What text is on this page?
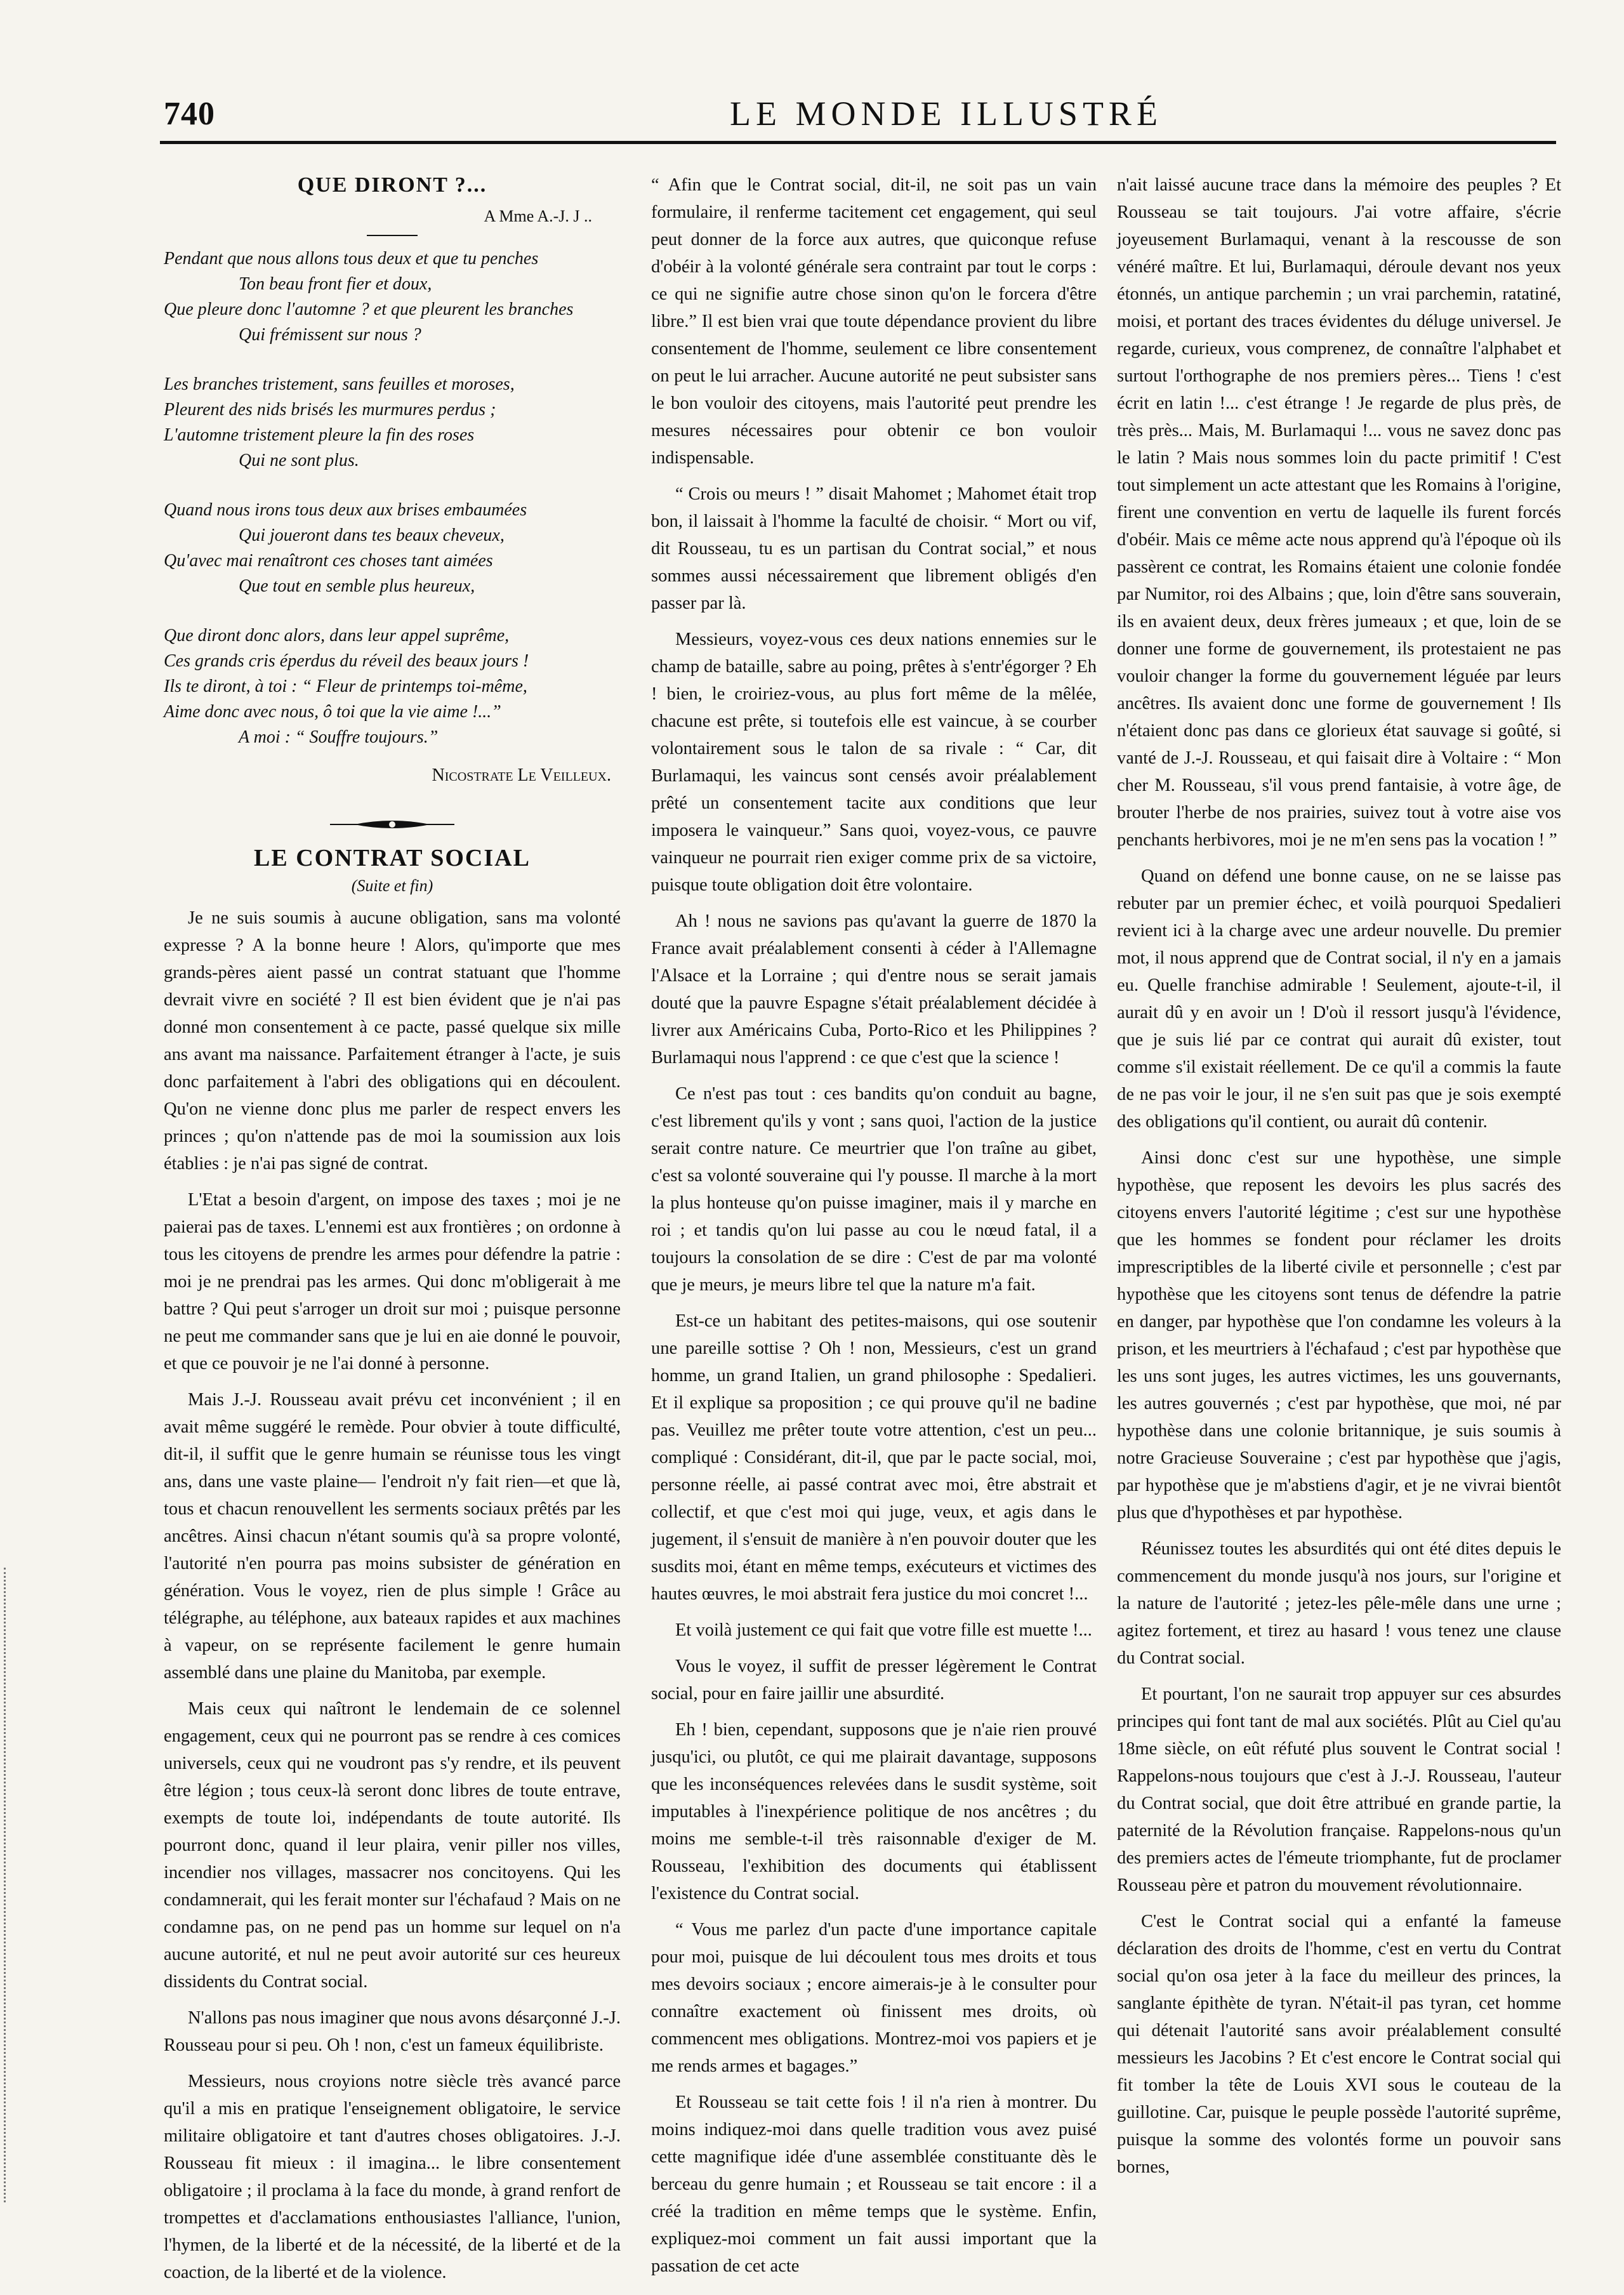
740	LE MONDE ILLUSTRÉ
QUE DIRONT ?...
A Mme A.-J. J ..
Pendant que nous allons tous deux et que tu penches
Ton beau front fier et doux,
Que pleure donc l'automne ? et que pleurent les branches
Qui frémissent sur nous ?
Les branches tristement, sans feuilles et moroses,
Pleurent des nids brisés les murmures perdus ;
L'automne tristement pleure la fin des roses
Qui ne sont plus.
Quand nous irons tous deux aux brises embaumées
Qui joueront dans tes beaux cheveux,
Qu'avec mai renaîtront ces choses tant aimées
Que tout en semble plus heureux,
Que diront donc alors, dans leur appel suprême,
Ces grands cris éperdus du réveil des beaux jours !
Ils te diront, à toi : “ Fleur de printemps toi-même,
Aime donc avec nous, ô toi que la vie aime !...”
A moi : “ Souffre toujours.”
Nicostrate Le Veilleux.
LE CONTRAT SOCIAL
(Suite et fin)

Je ne suis soumis à aucune obligation, sans ma volonté expresse ? A la bonne heure ! Alors, qu'importe que mes grands-pères aient passé un contrat statuant que l'homme devrait vivre en société ? Il est bien évident que je n'ai pas donné mon consentement à ce pacte, passé quelque six mille ans avant ma naissance. Parfaitement étranger à l'acte, je suis donc parfaitement à l'abri des obligations qui en découlent. Qu'on ne vienne donc plus me parler de respect envers les princes ; qu'on n'attende pas de moi la soumission aux lois établies : je n'ai pas signé de contrat.

L'Etat a besoin d'argent, on impose des taxes ; moi je ne paierai pas de taxes. L'ennemi est aux frontières ; on ordonne à tous les citoyens de prendre les armes pour défendre la patrie : moi je ne prendrai pas les armes. Qui donc m'obligerait à me battre ? Qui peut s'arroger un droit sur moi ; puisque personne ne peut me commander sans que je lui en aie donné le pouvoir, et que ce pouvoir je ne l'ai donné à personne.

Mais J.-J. Rousseau avait prévu cet inconvénient ; il en avait même suggéré le remède. Pour obvier à toute difficulté, dit-il, il suffit que le genre humain se réunisse tous les vingt ans, dans une vaste plaine— l'endroit n'y fait rien—et que là, tous et chacun renouvellent les serments sociaux prêtés par les ancêtres. Ainsi chacun n'étant soumis qu'à sa propre volonté, l'autorité n'en pourra pas moins subsister de génération en génération. Vous le voyez, rien de plus simple ! Grâce au télégraphe, au téléphone, aux bateaux rapides et aux machines à vapeur, on se représente facilement le genre humain assemblé dans une plaine du Manitoba, par exemple.

Mais ceux qui naîtront le lendemain de ce solennel engagement, ceux qui ne pourront pas se rendre à ces comices universels, ceux qui ne voudront pas s'y rendre, et ils peuvent être légion ; tous ceux-là seront donc libres de toute entrave, exempts de toute loi, indépendants de toute autorité. Ils pourront donc, quand il leur plaira, venir piller nos villes, incendier nos villages, massacrer nos concitoyens. Qui les condamnerait, qui les ferait monter sur l'échafaud ? Mais on ne condamne pas, on ne pend pas un homme sur lequel on n'a aucune autorité, et nul ne peut avoir autorité sur ces heureux dissidents du Contrat social.

N'allons pas nous imaginer que nous avons désarçonné J.-J. Rousseau pour si peu. Oh ! non, c'est un fameux équilibriste.

Messieurs, nous croyions notre siècle très avancé parce qu'il a mis en pratique l'enseignement obligatoire, le service militaire obligatoire et tant d'autres choses obligatoires. J.-J. Rousseau fit mieux : il imagina... le libre consentement obligatoire ; il proclama à la face du monde, à grand renfort de trompettes et d'acclamations enthousiastes l'alliance, l'union, l'hymen, de la liberté et de la nécessité, de la liberté et de la coaction, de la liberté et de la violence.

“ Afin que le Contrat social, dit-il, ne soit pas un vain formulaire, il renferme tacitement cet engagement, qui seul peut donner de la force aux autres, que quiconque refuse d'obéir à la volonté générale sera contraint par tout le corps : ce qui ne signifie autre chose sinon qu'on le forcera d'être libre.” Il est bien vrai que toute dépendance provient du libre consentement de l'homme, seulement ce libre consentement on peut le lui arracher. Aucune autorité ne peut subsister sans le bon vouloir des citoyens, mais l'autorité peut prendre les mesures nécessaires pour obtenir ce bon vouloir indispensable.

“ Crois ou meurs ! ” disait Mahomet ; Mahomet était trop bon, il laissait à l'homme la faculté de choisir. “ Mort ou vif, dit Rousseau, tu es un partisan du Contrat social,” et nous sommes aussi nécessairement que librement obligés d'en passer par là.

Messieurs, voyez-vous ces deux nations ennemies sur le champ de bataille, sabre au poing, prêtes à s'entr'égorger ? Eh ! bien, le croiriez-vous, au plus fort même de la mêlée, chacune est prête, si toutefois elle est vaincue, à se courber volontairement sous le talon de sa rivale : “ Car, dit Burlamaqui, les vaincus sont censés avoir préalablement prêté un consentement tacite aux conditions que leur imposera le vainqueur.” Sans quoi, voyez-vous, ce pauvre vainqueur ne pourrait rien exiger comme prix de sa victoire, puisque toute obligation doit être volontaire.

Ah ! nous ne savions pas qu'avant la guerre de 1870 la France avait préalablement consenti à céder à l'Allemagne l'Alsace et la Lorraine ; qui d'entre nous se serait jamais douté que la pauvre Espagne s'était préalablement décidée à livrer aux Américains Cuba, Porto-Rico et les Philippines ? Burlamaqui nous l'apprend : ce que c'est que la science !

Ce n'est pas tout : ces bandits qu'on conduit au bagne, c'est librement qu'ils y vont ; sans quoi, l'action de la justice serait contre nature. Ce meurtrier que l'on traîne au gibet, c'est sa volonté souveraine qui l'y pousse. Il marche à la mort la plus honteuse qu'on puisse imaginer, mais il y marche en roi ; et tandis qu'on lui passe au cou le nœud fatal, il a toujours la consolation de se dire : C'est de par ma volonté que je meurs, je meurs libre tel que la nature m'a fait.

Est-ce un habitant des petites-maisons, qui ose soutenir une pareille sottise ? Oh ! non, Messieurs, c'est un grand homme, un grand Italien, un grand philosophe : Spedalieri. Et il explique sa proposition ; ce qui prouve qu'il ne badine pas. Veuillez me prêter toute votre attention, c'est un peu... compliqué : Considérant, dit-il, que par le pacte social, moi, personne réelle, ai passé contrat avec moi, être abstrait et collectif, et que c'est moi qui juge, veux, et agis dans le jugement, il s'ensuit de manière à n'en pouvoir douter que les susdits moi, étant en même temps, exécuteurs et victimes des hautes œuvres, le moi abstrait fera justice du moi concret !...

Et voilà justement ce qui fait que votre fille est muette !...

Vous le voyez, il suffit de presser légèrement le Contrat social, pour en faire jaillir une absurdité.

Eh ! bien, cependant, supposons que je n'aie rien prouvé jusqu'ici, ou plutôt, ce qui me plairait davantage, supposons que les inconséquences relevées dans le susdit système, soit imputables à l'inexpérience politique de nos ancêtres ; du moins me semble-t-il très raisonnable d'exiger de M. Rousseau, l'exhibition des documents qui établissent l'existence du Contrat social.

“ Vous me parlez d'un pacte d'une importance capitale pour moi, puisque de lui découlent tous mes droits et tous mes devoirs sociaux ; encore aimerais-je à le consulter pour connaître exactement où finissent mes droits, où commencent mes obligations. Montrez-moi vos papiers et je me rends armes et bagages.”

Et Rousseau se tait cette fois ! il n'a rien à montrer. Du moins indiquez-moi dans quelle tradition vous avez puisé cette magnifique idée d'une assemblée constituante dès le berceau du genre humain ; et Rousseau se tait encore : il a créé la tradition en même temps que le système. Enfin, expliquez-moi comment un fait aussi important que la passation de cet acte

n'ait laissé aucune trace dans la mémoire des peuples ? Et Rousseau se tait toujours. J'ai votre affaire, s'écrie joyeusement Burlamaqui, venant à la rescousse de son vénéré maître. Et lui, Burlamaqui, déroule devant nos yeux étonnés, un antique parchemin ; un vrai parchemin, ratatiné, moisi, et portant des traces évidentes du déluge universel. Je regarde, curieux, vous comprenez, de connaître l'alphabet et surtout l'orthographe de nos premiers pères... Tiens ! c'est écrit en latin !... c'est étrange ! Je regarde de plus près, de très près... Mais, M. Burlamaqui !... vous ne savez donc pas le latin ? Mais nous sommes loin du pacte primitif ! C'est tout simplement un acte attestant que les Romains à l'origine, firent une convention en vertu de laquelle ils furent forcés d'obéir. Mais ce même acte nous apprend qu'à l'époque où ils passèrent ce contrat, les Romains étaient une colonie fondée par Numitor, roi des Albains ; que, loin d'être sans souverain, ils en avaient deux, deux frères jumeaux ; et que, loin de se donner une forme de gouvernement, ils protestaient ne pas vouloir changer la forme du gouvernement léguée par leurs ancêtres. Ils avaient donc une forme de gouvernement ! Ils n'étaient donc pas dans ce glorieux état sauvage si goûté, si vanté de J.-J. Rousseau, et qui faisait dire à Voltaire : “ Mon cher M. Rousseau, s'il vous prend fantaisie, à votre âge, de brouter l'herbe de nos prairies, suivez tout à votre aise vos penchants herbivores, moi je ne m'en sens pas la vocation ! ”

Quand on défend une bonne cause, on ne se laisse pas rebuter par un premier échec, et voilà pourquoi Spedalieri revient ici à la charge avec une ardeur nouvelle. Du premier mot, il nous apprend que de Contrat social, il n'y en a jamais eu. Quelle franchise admirable ! Seulement, ajoute-t-il, il aurait dû y en avoir un ! D'où il ressort jusqu'à l'évidence, que je suis lié par ce contrat qui aurait dû exister, tout comme s'il existait réellement. De ce qu'il a commis la faute de ne pas voir le jour, il ne s'en suit pas que je sois exempté des obligations qu'il contient, ou aurait dû contenir.

Ainsi donc c'est sur une hypothèse, une simple hypothèse, que reposent les devoirs les plus sacrés des citoyens envers l'autorité légitime ; c'est sur une hypothèse que les hommes se fondent pour réclamer les droits imprescriptibles de la liberté civile et personnelle ; c'est par hypothèse que les citoyens sont tenus de défendre la patrie en danger, par hypothèse que l'on condamne les voleurs à la prison, et les meurtriers à l'échafaud ; c'est par hypothèse que les uns sont juges, les autres victimes, les uns gouvernants, les autres gouvernés ; c'est par hypothèse, que moi, né par hypothèse dans une colonie britannique, je suis soumis à notre Gracieuse Souveraine ; c'est par hypothèse que j'agis, par hypothèse que je m'abstiens d'agir, et je ne vivrai bientôt plus que d'hypothèses et par hypothèse.

Réunissez toutes les absurdités qui ont été dites depuis le commencement du monde jusqu'à nos jours, sur l'origine et la nature de l'autorité ; jetez-les pêle-mêle dans une urne ; agitez fortement, et tirez au hasard ! vous tenez une clause du Contrat social.

Et pourtant, l'on ne saurait trop appuyer sur ces absurdes principes qui font tant de mal aux sociétés. Plût au Ciel qu'au 18me siècle, on eût réfuté plus souvent le Contrat social ! Rappelons-nous toujours que c'est à J.-J. Rousseau, l'auteur du Contrat social, que doit être attribué en grande partie, la paternité de la Révolution française. Rappelons-nous qu'un des premiers actes de l'émeute triomphante, fut de proclamer Rousseau père et patron du mouvement révolutionnaire.

C'est le Contrat social qui a enfanté la fameuse déclaration des droits de l'homme, c'est en vertu du Contrat social qu'on osa jeter à la face du meilleur des princes, la sanglante épithète de tyran. N'était-il pas tyran, cet homme qui détenait l'autorité sans avoir préalablement consulté messieurs les Jacobins ? Et c'est encore le Contrat social qui fit tomber la tête de Louis XVI sous le couteau de la guillotine. Car, puisque le peuple possède l'autorité suprême, puisque la somme des volontés forme un pouvoir sans bornes,
